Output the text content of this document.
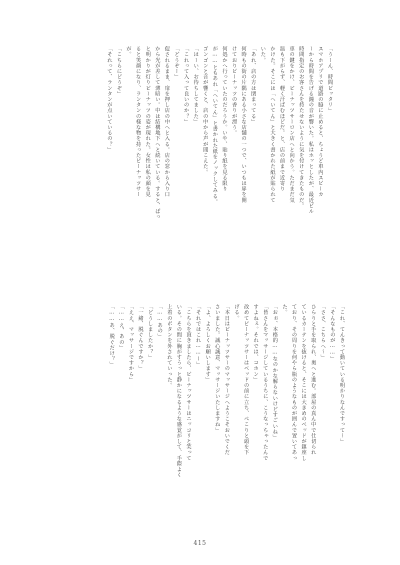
「うーん、時間ピッタリ」
スマホアプリで道路の脇に止めると、ちょうど車内スピーカ
ーから時間を告げる鐘の音が響いた。私はホッとしたが、最近ビル
時間指定のお客さんを持たせないように気を付けてきたものだ。
車の鍵をかけ、ビーナッツサーロン店へと向かう。ただまだ気
温も下がらず、軽く汗ばむほどだ。と、店の前まで近寄り
かけた。そこには「へいてん」と大きく書かれた紙が貼られて
いた。
「あれ、店の方は閉まってる」
何時もの街の片隅にある小さな店舗の一つで、いつもは扉を開
けておりピーナッツの香りが漂う。
何処かへ行っていたのだろうか。いや、貼り紙を見る限り
が……ともあれ「へいてん」と書かれた紙をノックしてみる。
ゴンゴンと音が響くと、店の中から声が聞こえた。
「はーい、お待ちしてました」
「これって入って良いのか？」
「どうぞー」
促されるまま、扉を押し店の中へと入る。店の窓から入り口
から光が差して薄暗い。中は結構地下へと続いている。すると、ぱっ
と明かりが灯りピーナッツの姿が現れた。女性は私の顔を見
ると笑顔になり、ランタンの様な物を持ったピーナッツサー
が。
「こちらにどうぞ」
「それって、ランタンが点いているの？」
「これ、てんきって動いている明かりなんですって〜」
「そんなものが……」
「ささ、こちらへ〜」
ひらりと手を取られ、奥へと進む。部屋の真ん中で仕切られ
ているカーテンを抜けると、そこには大きめのベッドが鎮座し
ており、その周りを何やら瓶のようなものが囲んで置いてあっ
た。
「おぉ、本格的……なのかな解らないけどすごいね」
「皆さんをマッサージしているうちに、こうなっちゃったんで
すよねぇ。それでは、コホン」
改めてピーナッツサーはベッドの前に立ち、ぺこりと頭を下
げる。
「本日はピーナッツサーのマッサージへようこそおいでくだ
さいました。誠心誠意、マッサージいたしますね」
「よ、よろしくお願いします」
「それではこれ……ー」
「こちらを頂きましたら、ピーナッツサーはニッコリと笑って
いる。その間に胸がすうっと静かになるような感覚がして、手際よく
上着のボタンを外されていった。
「……あの」
「どうしましたか？」
「一緒、脱ぐんですか？」
「ええ、マッサージですから」
「……え、あの」
「……あ、脱ぐだけ？」
415
